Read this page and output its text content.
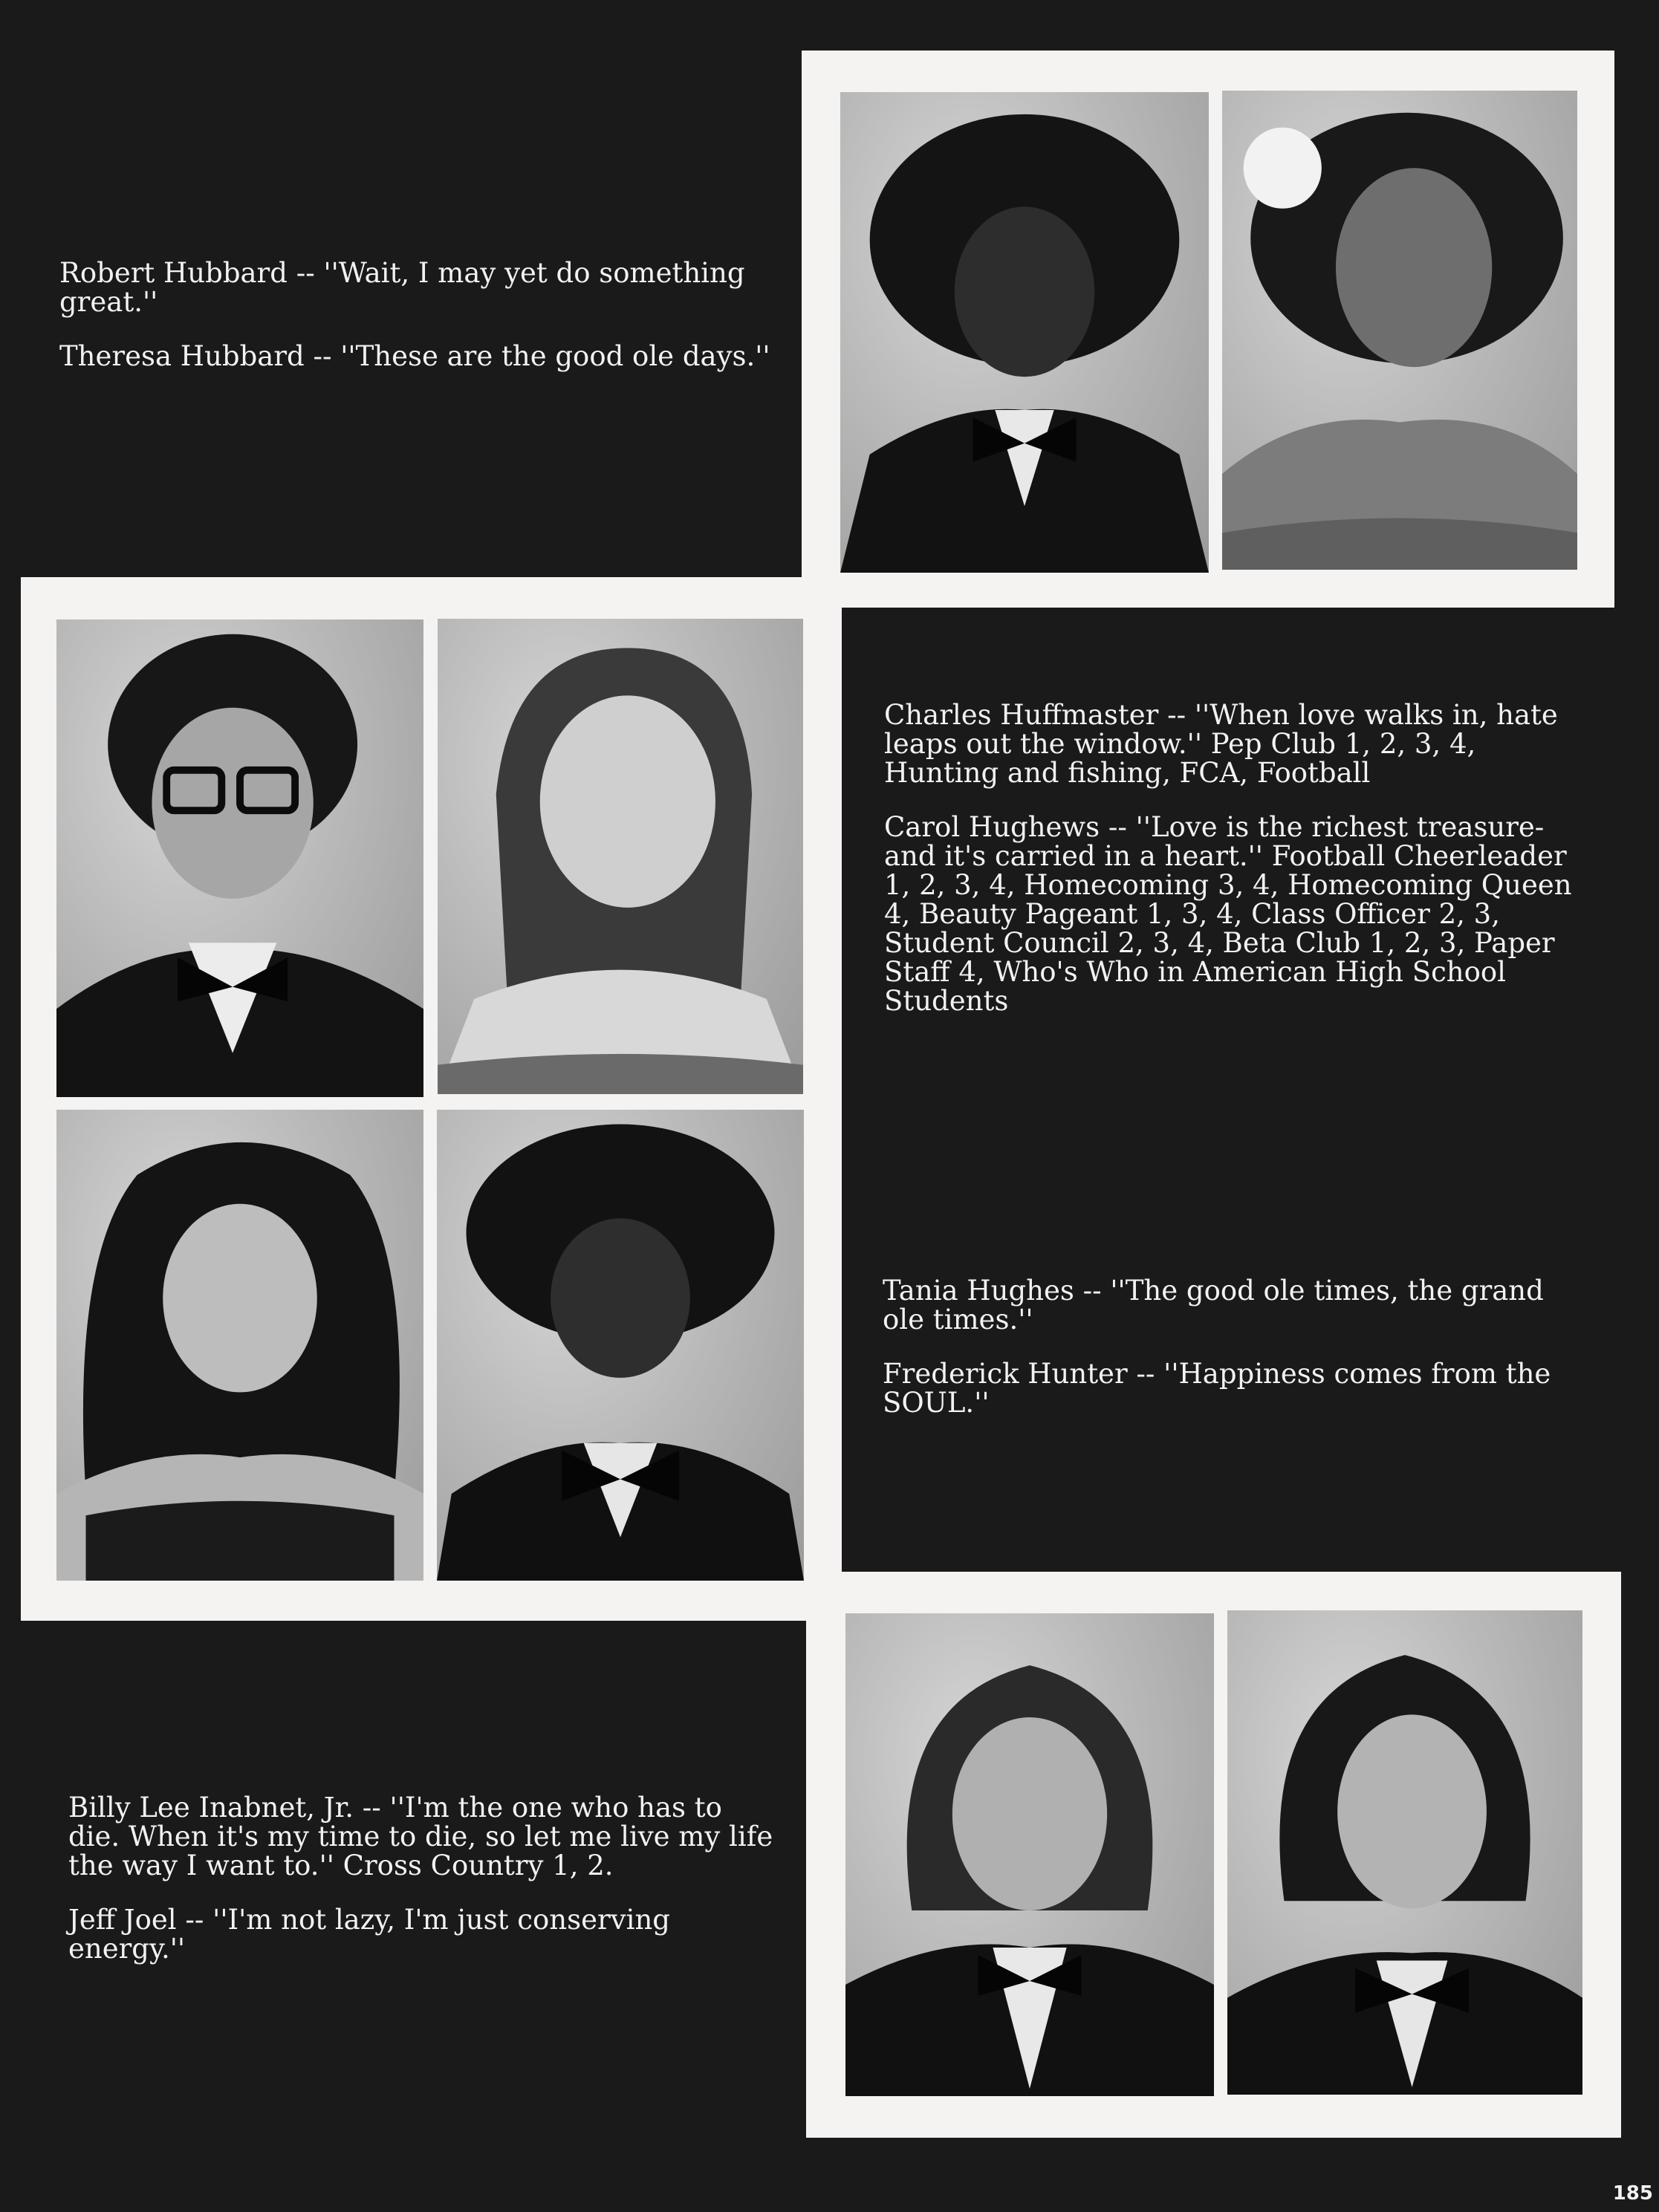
Robert Hubbard -- ''Wait, I may yet do something great.''

Theresa Hubbard -- ''These are the good ole days.''

Charles Huffmaster -- ''When love walks in, hate leaps out the window.'' Pep Club 1, 2, 3, 4, Hunting and fishing, FCA, Football

Carol Hughews -- ''Love is the richest treasure-and it's carried in a heart.'' Football Cheerleader 1, 2, 3, 4, Homecoming 3, 4, Homecoming Queen 4, Beauty Pageant 1, 3, 4, Class Officer 2, 3, Student Council 2, 3, 4, Beta Club 1, 2, 3, Paper Staff 4, Who's Who in American High School Students

Tania Hughes -- ''The good ole times, the grand ole times.''

Frederick Hunter -- ''Happiness comes from the SOUL.''

Billy Lee Inabnet, Jr. -- ''I'm the one who has to die. When it's my time to die, so let me live my life the way I want to.'' Cross Country 1, 2.

Jeff Joel -- ''I'm not lazy, I'm just conserving energy.''

185
